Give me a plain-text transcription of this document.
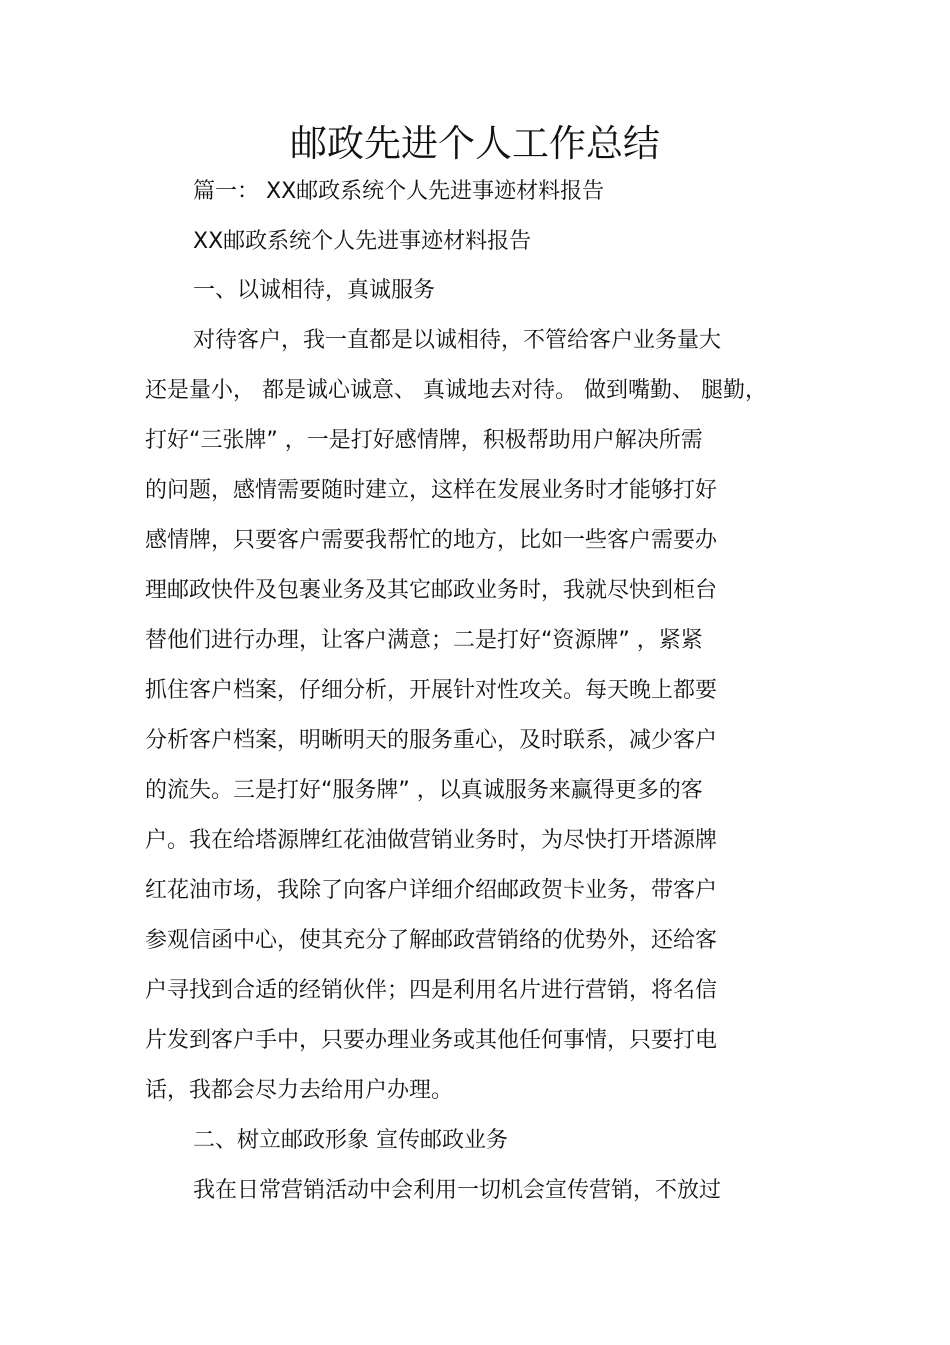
邮政先进个人工作总结
篇一： XX邮政系统个人先进事迹材料报告
XX邮政系统个人先进事迹材料报告
一、以诚相待，真诚服务
对待客户，我一直都是以诚相待，不管给客户业务量大
还是量小， 都是诚心诚意、 真诚地去对待。 做到嘴勤、 腿勤，
打好“三张牌” ，一是打好感情牌，积极帮助用户解决所需
的问题，感情需要随时建立，这样在发展业务时才能够打好
感情牌，只要客户需要我帮忙的地方，比如一些客户需要办
理邮政快件及包裹业务及其它邮政业务时，我就尽快到柜台
替他们进行办理，让客户满意；二是打好“资源牌” ，紧紧
抓住客户档案，仔细分析，开展针对性攻关。每天晚上都要
分析客户档案，明晰明天的服务重心，及时联系，减少客户
的流失。三是打好“服务牌” ，以真诚服务来赢得更多的客
户。我在给塔源牌红花油做营销业务时，为尽快打开塔源牌
红花油市场，我除了向客户详细介绍邮政贺卡业务，带客户
参观信函中心，使其充分了解邮政营销络的优势外，还给客
户寻找到合适的经销伙伴；四是利用名片进行营销，将名信
片发到客户手中，只要办理业务或其他任何事情，只要打电
话，我都会尽力去给用户办理。
二、树立邮政形象 宣传邮政业务
我在日常营销活动中会利用一切机会宣传营销，不放过
